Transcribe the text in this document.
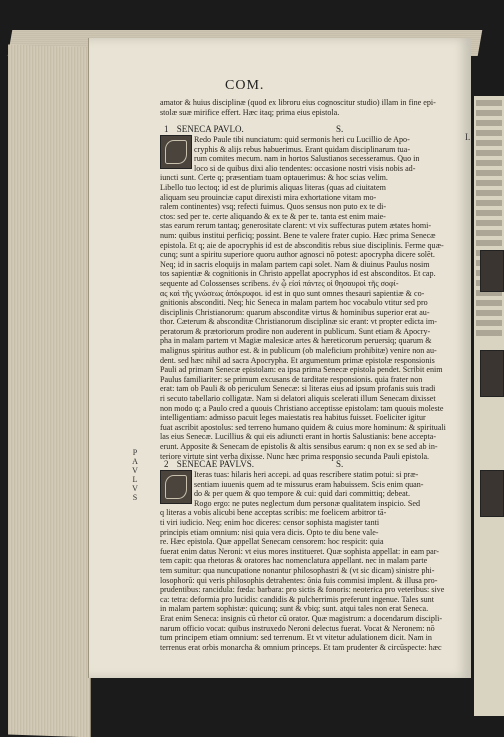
COM.
I.
amator & huius disciplinæ (quod ex libroru eius cognoscitur studio) illam in fine epi-
stolæ suæ mirifice effert. Hæc itaq; prima eius epistola.
1 SENECA PAVLO.	S.
Redo Paule tibi nunciatum: quid sermonis heri cu Lucillio de Apo-
cryphis & alijs rebus habuerimus. Erant quidam disciplinarum tua-
rum comites mecum. nam in hortos Salustianos secesseramus. Quo in
loco si de quibus dixi alio tendentes: occasione nostri visis nobis ad-
iuncti sunt. Certe q; præsentiam tuam optauerimus: & hoc scias velim.
Libello tuo lectoq; id est de plurimis aliquas literas (quas ad ciuitatem
aliquam seu prouinciæ caput direxisti mira exhortatione vitam mo-
ralem continentes) vsq; refecti fuimus. Quos sensus non puto ex te di-
ctos: sed per te. certe aliquando & ex te & per te. tanta est enim maie-
stas earum rerum tantaq; generositate clarent: vt vix suffecturas putem ætates homi-
num: quibus institui perficiq; possint. Bene te valere frater cupio. Hæc prima Senecæ
epistola. Et q; aie de apocryphis id est de absconditis rebus siue disciplinis. Ferme quæ-
cunq; sunt a spiritu superiore quoru author agnosci nō potest: apocrypha dicere solēt.
Neq; id in sacris eloquijs in malam partem capi solet. Nam & diuinus Paulus nosim
tos sapientiæ & cognitionis in Christo appellat apocryphos id est absconditos. Et cap.
sequente ad Colossenses scribens. ἐν ᾧ εἰσὶ πάντες οἱ θησαυροὶ τῆς σοφί-
ας καὶ τῆς γνώσεως ἀπόκρυφοι. id est in quo sunt omnes thesauri sapientiæ & co-
gnitionis absconditi. Neq; hic Seneca in malam partem hoc vocabulo vtitur sed pro
disciplinis Christianorum: quarum absconditæ virtus & hominibus superior erat au-
thor. Cæterum & absconditæ Christianorum disciplinæ sic erant: vt propter edicta im-
peratorum & prætoriorum prodire non auderent in publicum. Sunt etiam & Apocry-
pha in malam partem vt Magiæ malesicæ artes & hæreticorum peruersiq; quarum &
malignus spiritus author est. & in publicum (ob maleficium prohibitæ) venire non au-
dent. sed hæc nihil ad sacra Apocrypha. Et argumentum primæ epistolæ responsionis
Pauli ad primam Senecæ epistolam: ea ipsa prima Senecæ epistola pendet. Scribit enim
Paulus familiariter: se primum excusans de tarditate responsionis. quia frater non
erat: tam ob Pauli & ob periculum Senecæ: si literas eius ad ipsum profanis suis tradi
ri secuto tabellario colligatæ. Nam si delatori aliquis scelerati illum Senecam dixisset
non modo q; a Paulo cred a quouis Christiano acceptisse epistolam: tam quouis moleste
intelligentiam: admisso pacuit leges maiestatis rea habitus fuisset. Foeliciter igitur
fuat ascribit apostolus: sed terreno humano quidem & cuius more hominum: & spirituali
las eius Senecæ. Lucillius & qui eis adiuncti erant in hortis Salustianis: bene accepta-
erunt. Apposite & Senecam de epistolis & altis sensibus earum: q non ex se sed ab in-
teriore virtute sint verba dixisse. Nunc hæc prima responsio secunda Pauli epistola.
P
A
V
L
V
S
2 SENECAE PAVLVS.	S.
Iteras tuas: hilaris heri accepi. ad quas rescribere statim potui: si præ-
sentiam iuuenis quem ad te missurus eram habuissem. Scis enim quan-
do & per quem & quo tempore & cui: quid dari committiq; debeat.
Rogo ergo: ne putes neglectum dum personæ qualitatem inspicio. Sed
q literas a vobis alicubi bene acceptas scribis: me foelicem arbitror tā-
ti viri iudicio. Neq; enim hoc diceres: censor sophista magister tanti
principis etiam omnium: nisi quia vera dicis. Opto te diu bene vale-
re. Hæc epistola. Quæ appellat Senecam censorem: hoc respicit: quia
fuerat enim datus Neroni: vt eius mores institueret. Quæ sophista appellat: in eam par-
tem capit: qua rhetoras & oratores hac nomenclatura appellant. nec in malam parte
tem sumitur: qua nuncupatione nonantur philosophastri & (vt sic dicam) sinistre phi-
losophorū: qui veris philosophis detrahentes: ōnia fuis commisi implent. & illusa pro-
prudentibus: rancidula: fœda: barbara: pro sictis & fonoris: neoterica pro veteribus: sive
ca: tetra: deformia pro lucidis: candidis & pulcherrimis preferunt ingenue. Tales sunt
in malam partem sophistæ: quicunq; sunt & vbiq; sunt. atqui tales non erat Seneca.
Erat enim Seneca: insignis cū rhetor cū orator. Quæ magistrum: a docendarum discipli-
narum officio vocat: quibus instruxedo Neroni delectus fuerat. Vocat & Neronem: nō
tum principem etiam omnium: sed terrenum. Et vt vitetur adulationem dicit. Nam in
terrenus erat orbis monarcha & omnium princeps. Et tam prudenter & circūspecte: hæc
